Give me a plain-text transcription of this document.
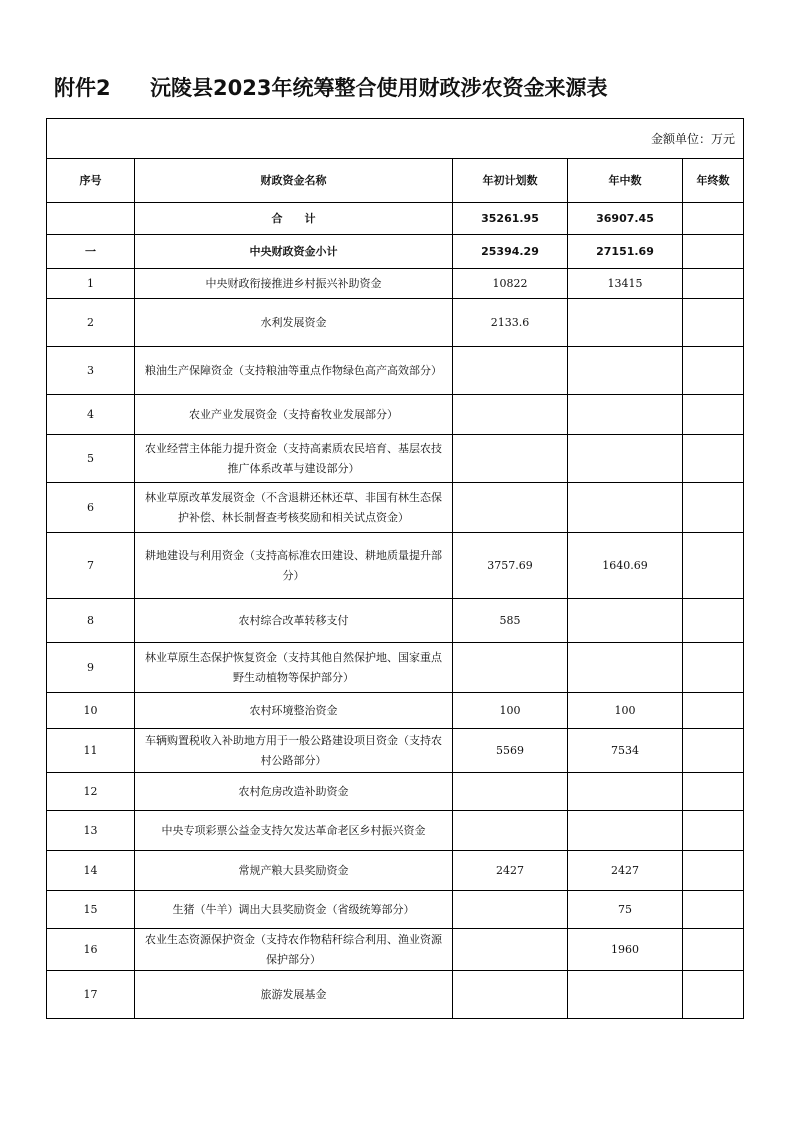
附件2 沅陵县2023年统筹整合使用财政涉农资金来源表
金额单位：万元				
序号	财政资金名称	年初计划数	年中数	年终数
	合　　计	35261.95	36907.45	
一	中央财政资金小计	25394.29	27151.69	
1	中央财政衔接推进乡村振兴补助资金	10822	13415	
2	水利发展资金	2133.6		
3	粮油生产保障资金（支持粮油等重点作物绿色高产高效部分）			
4	农业产业发展资金（支持畜牧业发展部分）			
5	农业经营主体能力提升资金（支持高素质农民培育、基层农技推广体系改革与建设部分）			
6	林业草原改革发展资金（不含退耕还林还草、非国有林生态保护补偿、林长制督查考核奖励和相关试点资金）			
7	耕地建设与利用资金（支持高标准农田建设、耕地质量提升部分）	3757.69	1640.69	
8	农村综合改革转移支付	585		
9	林业草原生态保护恢复资金（支持其他自然保护地、国家重点野生动植物等保护部分）			
10	农村环境整治资金	100	100	
11	车辆购置税收入补助地方用于一般公路建设项目资金（支持农村公路部分）	5569	7534	
12	农村危房改造补助资金			
13	中央专项彩票公益金支持欠发达革命老区乡村振兴资金			
14	常规产粮大县奖励资金	2427	2427	
15	生猪（牛羊）调出大县奖励资金（省级统筹部分）		75	
16	农业生态资源保护资金（支持农作物秸秆综合利用、渔业资源保护部分）		1960	
17	旅游发展基金			
